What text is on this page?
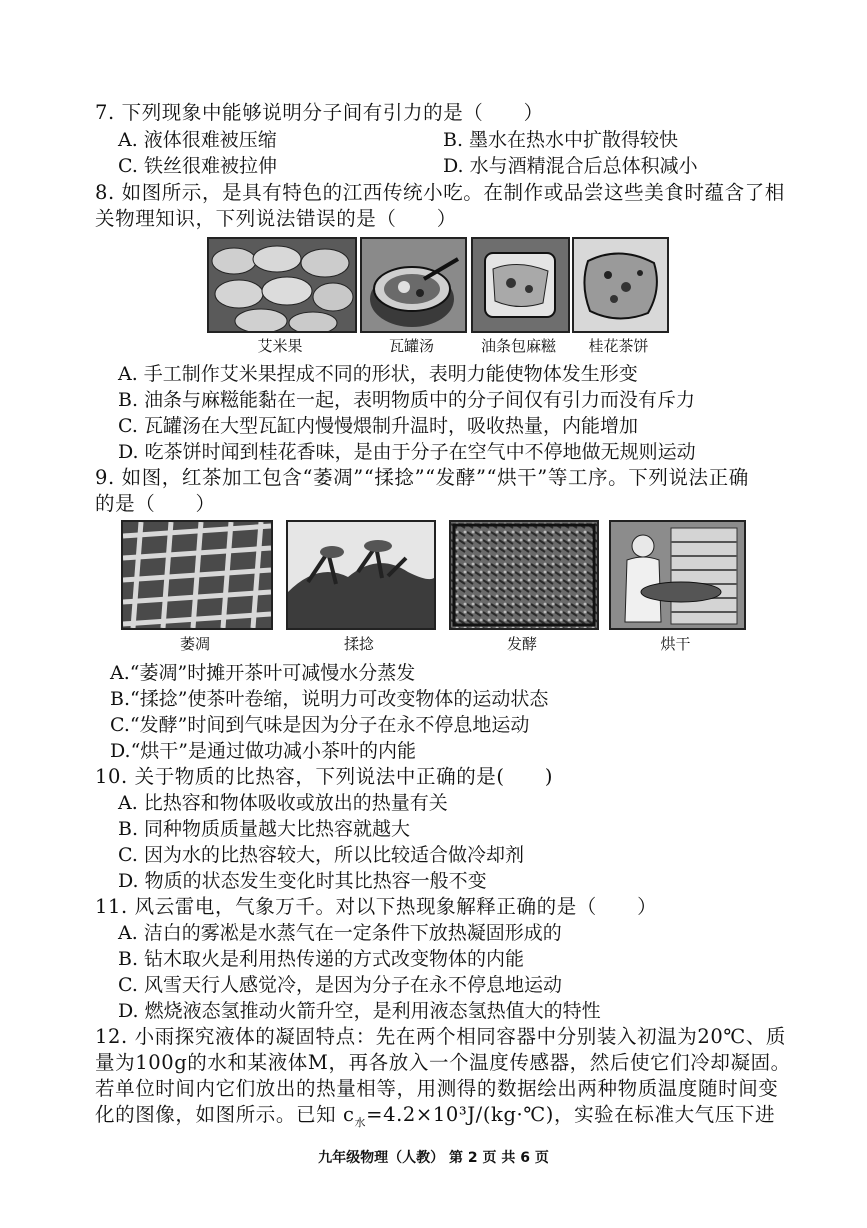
7. 下列现象中能够说明分子间有引力的是（　　）
A. 液体很难被压缩	B. 墨水在热水中扩散得较快
C. 铁丝很难被拉伸	D. 水与酒精混合后总体积减小
8. 如图所示，是具有特色的江西传统小吃。在制作或品尝这些美食时蕴含了相
关物理知识，下列说法错误的是（　　）
艾米果	瓦罐汤	油条包麻糍	桂花茶饼
A. 手工制作艾米果捏成不同的形状，表明力能使物体发生形变
B. 油条与麻糍能黏在一起，表明物质中的分子间仅有引力而没有斥力
C. 瓦罐汤在大型瓦缸内慢慢煨制升温时，吸收热量，内能增加
D. 吃茶饼时闻到桂花香味，是由于分子在空气中不停地做无规则运动
9. 如图，红茶加工包含“萎凋”“揉捻”“发酵”“烘干”等工序。下列说法正确
的是（　　）
萎凋	揉捻	发酵	烘干
A.“萎凋”时摊开茶叶可减慢水分蒸发
B.“揉捻”使茶叶卷缩，说明力可改变物体的运动状态
C.“发酵”时间到气味是因为分子在永不停息地运动
D.“烘干”是通过做功减小茶叶的内能
10. 关于物质的比热容，下列说法中正确的是(　　)
A. 比热容和物体吸收或放出的热量有关
B. 同种物质质量越大比热容就越大
C. 因为水的比热容较大，所以比较适合做冷却剂
D. 物质的状态发生变化时其比热容一般不变
11. 风云雷电，气象万千。对以下热现象解释正确的是（　　）
A. 洁白的雾凇是水蒸气在一定条件下放热凝固形成的
B. 钻木取火是利用热传递的方式改变物体的内能
C. 风雪天行人感觉冷，是因为分子在永不停息地运动
D. 燃烧液态氢推动火箭升空，是利用液态氢热值大的特性
12. 小雨探究液体的凝固特点：先在两个相同容器中分别装入初温为20℃、质
量为100g的水和某液体M，再各放入一个温度传感器，然后使它们冷却凝固。
若单位时间内它们放出的热量相等，用测得的数据绘出两种物质温度随时间变
化的图像，如图所示。已知 $c_水=4.2\times 10^3J/(kg\cdot℃)$，实验在标准大气压下进
九年级物理（人教） 第 2 页 共 6 页
